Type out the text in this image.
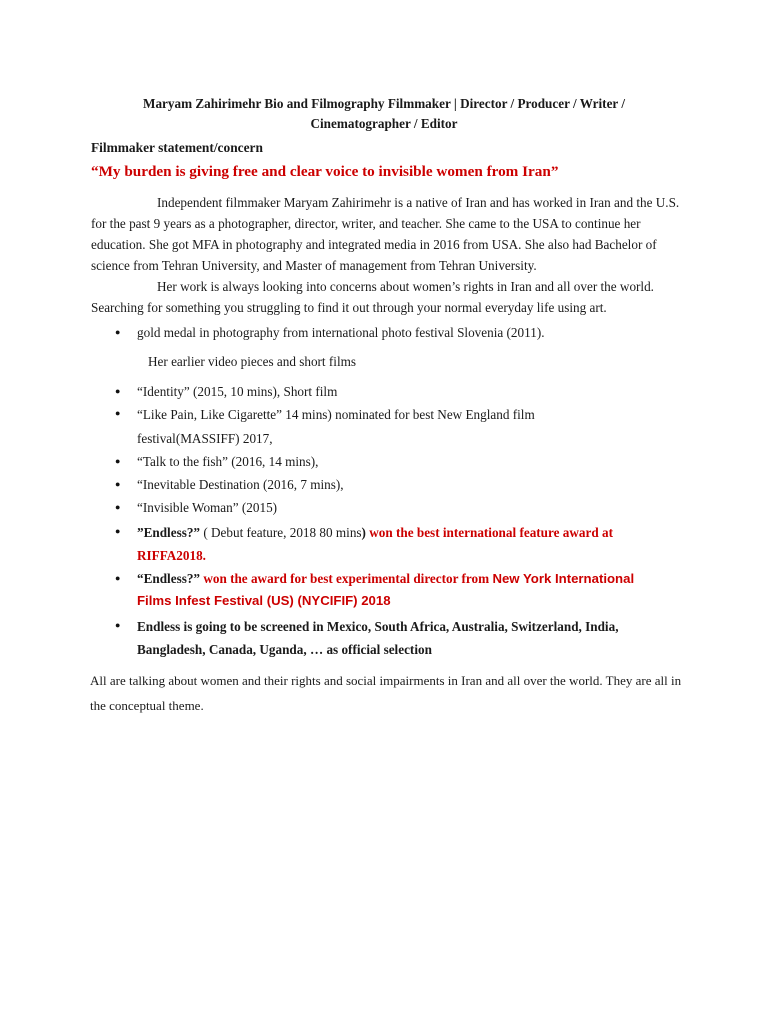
Maryam Zahirimehr Bio and Filmography Filmmaker | Director / Producer / Writer / Cinematographer / Editor
Filmmaker statement/concern
“My burden is giving free and clear voice to invisible women from Iran”
Independent filmmaker Maryam Zahirimehr is a native of Iran and has worked in Iran and the U.S. for the past 9 years as a photographer, director, writer, and teacher. She came to the USA to continue her education. She got MFA in photography and integrated media in 2016 from USA. She also had Bachelor of science from Tehran University, and Master of management from Tehran University.
Her work is always looking into concerns about women’s rights in Iran and all over the world. Searching for something you struggling to find it out through your normal everyday life using art.
● gold medal in photography from international photo festival Slovenia (2011).
Her earlier video pieces and short films
● “Identity” (2015, 10 mins), Short film
● “Like Pain, Like Cigarette” 14 mins) nominated for best New England film festival(MASSIFF) 2017,
● “Talk to the fish” (2016, 14 mins),
● “Inevitable Destination (2016, 7 mins),
● “Invisible Woman” (2015)
● ”Endless?” ( Debut feature, 2018 80 mins) won the best international feature award at RIFFA2018.
● “Endless?” won the award for best experimental director from New York International Films Infest Festival (US) (NYCIFIF) 2018
● Endless is going to be screened in Mexico, South Africa, Australia, Switzerland, India, Bangladesh, Canada, Uganda, … as official selection
All are talking about women and their rights and social impairments in Iran and all over the world. They are all in the conceptual theme.
